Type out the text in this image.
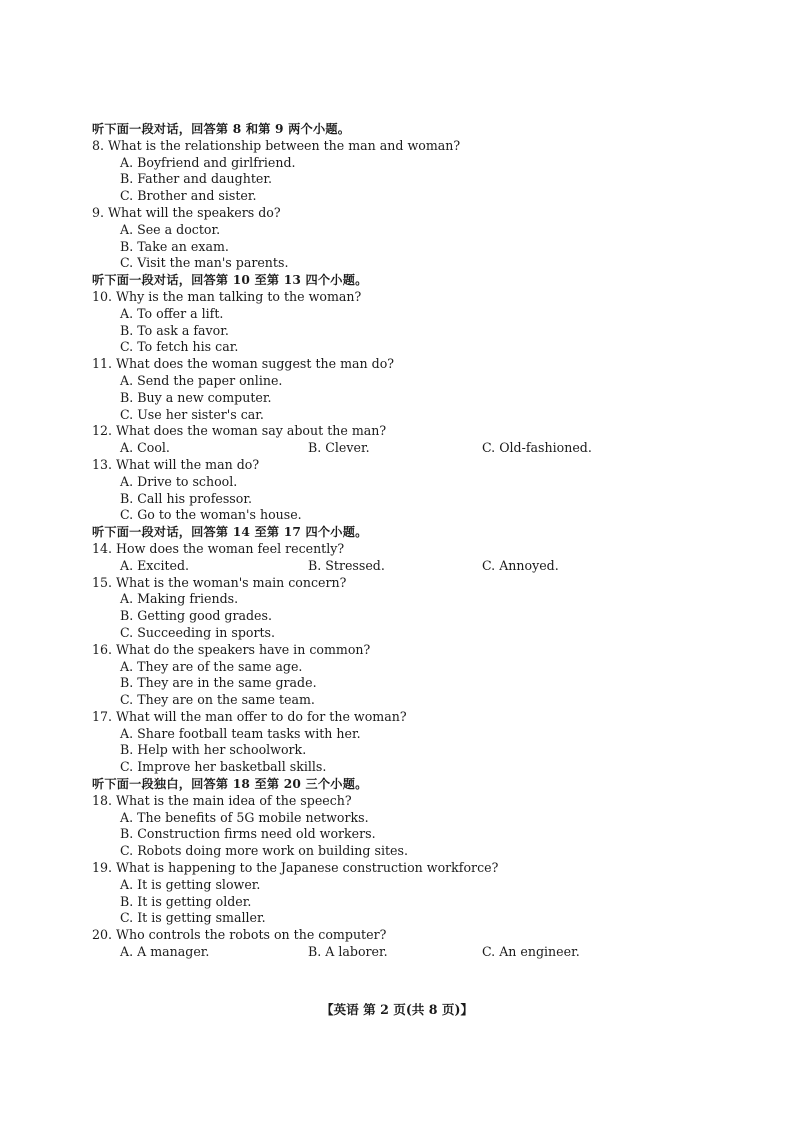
听下面一段对话，回答第 8 和第 9 两个小题。
8. What is the relationship between the man and woman?
A. Boyfriend and girlfriend.
B. Father and daughter.
C. Brother and sister.
9. What will the speakers do?
A. See a doctor.
B. Take an exam.
C. Visit the man's parents.
听下面一段对话，回答第 10 至第 13 四个小题。
10. Why is the man talking to the woman?
A. To offer a lift.
B. To ask a favor.
C. To fetch his car.
11. What does the woman suggest the man do?
A. Send the paper online.
B. Buy a new computer.
C. Use her sister's car.
12. What does the woman say about the man?
A. Cool.	B. Clever.	C. Old-fashioned.
13. What will the man do?
A. Drive to school.
B. Call his professor.
C. Go to the woman's house.
听下面一段对话，回答第 14 至第 17 四个小题。
14. How does the woman feel recently?
A. Excited.	B. Stressed.	C. Annoyed.
15. What is the woman's main concern?
A. Making friends.
B. Getting good grades.
C. Succeeding in sports.
16. What do the speakers have in common?
A. They are of the same age.
B. They are in the same grade.
C. They are on the same team.
17. What will the man offer to do for the woman?
A. Share football team tasks with her.
B. Help with her schoolwork.
C. Improve her basketball skills.
听下面一段独白，回答第 18 至第 20 三个小题。
18. What is the main idea of the speech?
A. The benefits of 5G mobile networks.
B. Construction firms need old workers.
C. Robots doing more work on building sites.
19. What is happening to the Japanese construction workforce?
A. It is getting slower.
B. It is getting older.
C. It is getting smaller.
20. Who controls the robots on the computer?
A. A manager.	B. A laborer.	C. An engineer.
【英语 第 2 页(共 8 页)】
